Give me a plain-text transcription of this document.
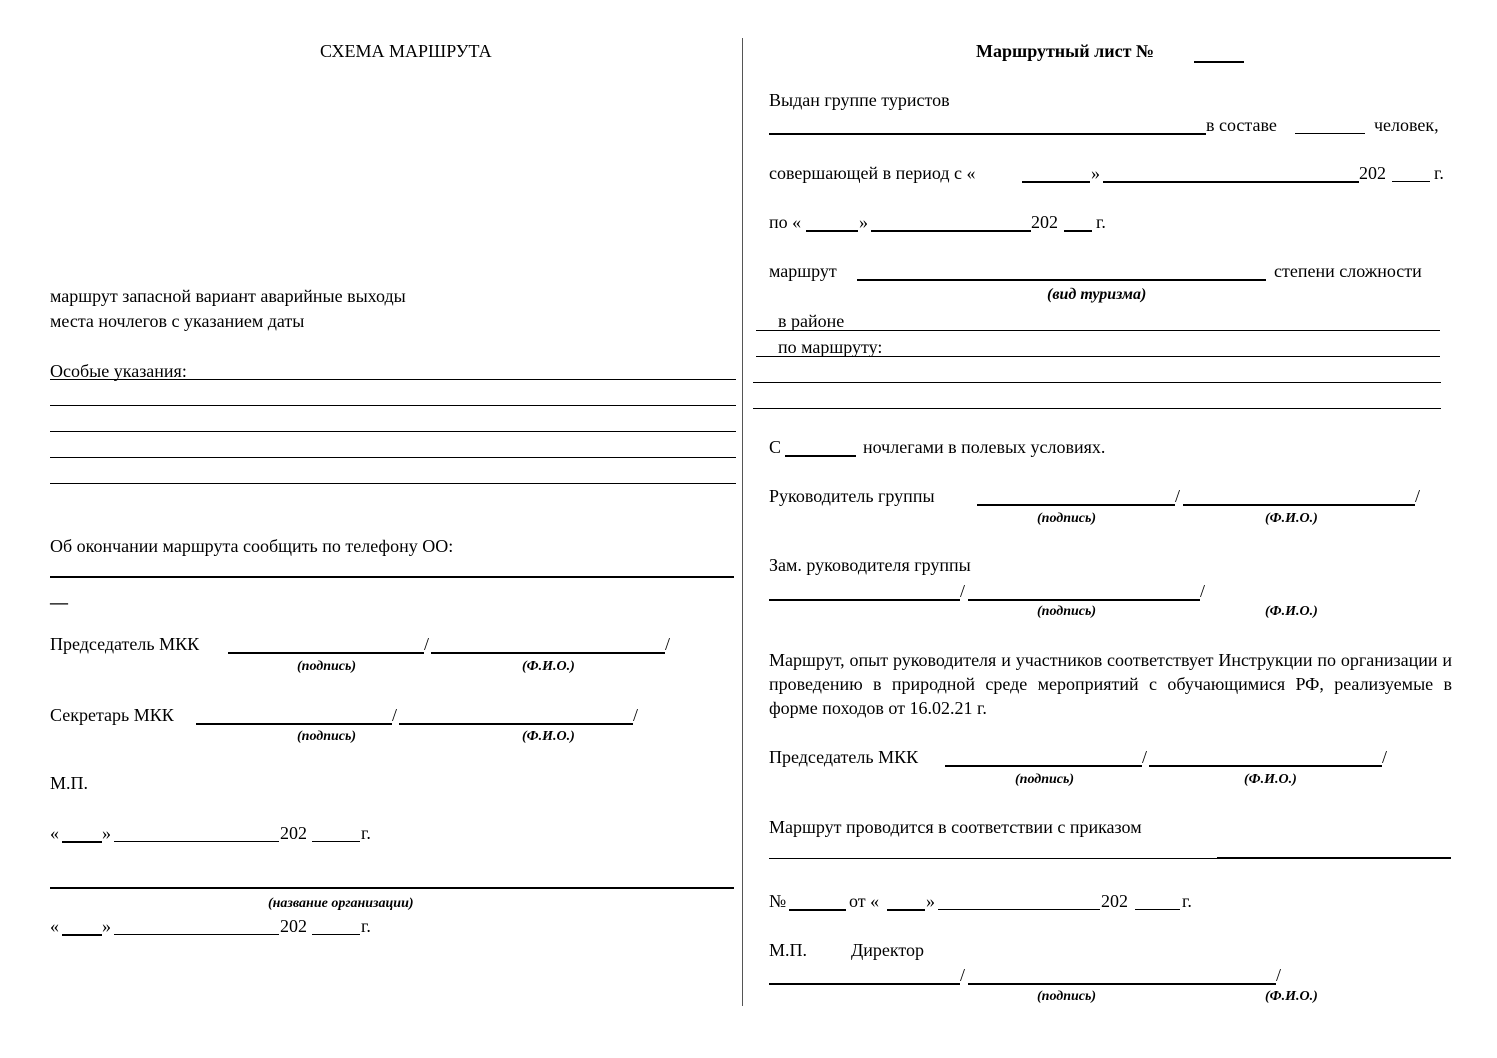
СХЕМА МАРШРУТА
маршрут запасной вариант аварийные выходы
места ночлегов с указанием даты
Особые указания:
Об окончании маршрута сообщить по телефону ОО:
—
Председатель МКК	/	/
(подпись)	(Ф.И.О.)
Секретарь МКК	/	/
(подпись)	(Ф.И.О.)
М.П.
« »	202	г.
(название организации)
« »	202	г.
Маршрутный лист №
Выдан группе туристов
в составе	человек,
совершающей в период с «	»	202	г.
по «	»	202 г.
маршрут	степени сложности
(вид туризма)
в районе
по маршруту:
С	ночлегами в полевых условиях.
Руководитель группы	/	/
(подпись)	(Ф.И.О.)
Зам. руководителя группы
/	/
(подпись)	(Ф.И.О.)
Маршрут, опыт руководителя и участников соответствует Инструкции по организации и проведению в природной среде мероприятий с обучающимися РФ, реализуемые в форме походов от 16.02.21 г.
Председатель МКК	/	/
(подпись)	(Ф.И.О.)
Маршрут проводится в соответствии с приказом
№	от «	»	202	г.
М.П. Директор
/	/
(подпись)	(Ф.И.О.)
